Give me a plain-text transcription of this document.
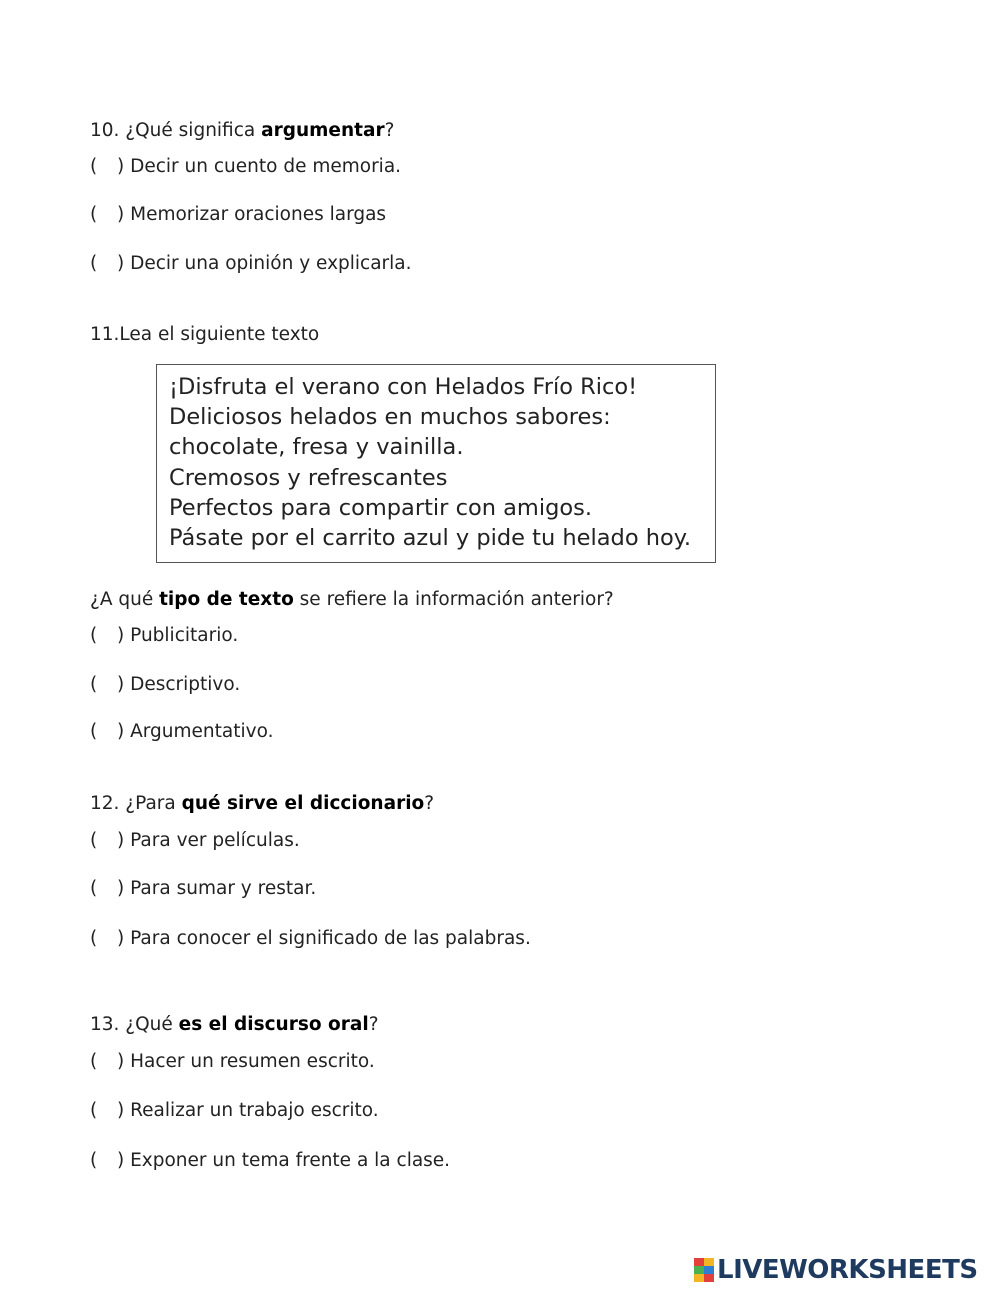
10. ¿Qué significa argumentar?
( ) Decir un cuento de memoria.
( ) Memorizar oraciones largas
( ) Decir una opinión y explicarla.
11.Lea el siguiente texto
¡Disfruta el verano con Helados Frío Rico!
Deliciosos helados en muchos sabores:
chocolate, fresa y vainilla.
Cremosos y refrescantes
Perfectos para compartir con amigos.
Pásate por el carrito azul y pide tu helado hoy.
¿A qué tipo de texto se refiere la información anterior?
( ) Publicitario.
( ) Descriptivo.
( ) Argumentativo.
12. ¿Para qué sirve el diccionario?
( ) Para ver películas.
( ) Para sumar y restar.
( ) Para conocer el significado de las palabras.
13. ¿Qué es el discurso oral?
( ) Hacer un resumen escrito.
( ) Realizar un trabajo escrito.
( ) Exponer un tema frente a la clase.
LIVEWORKSHEETS
